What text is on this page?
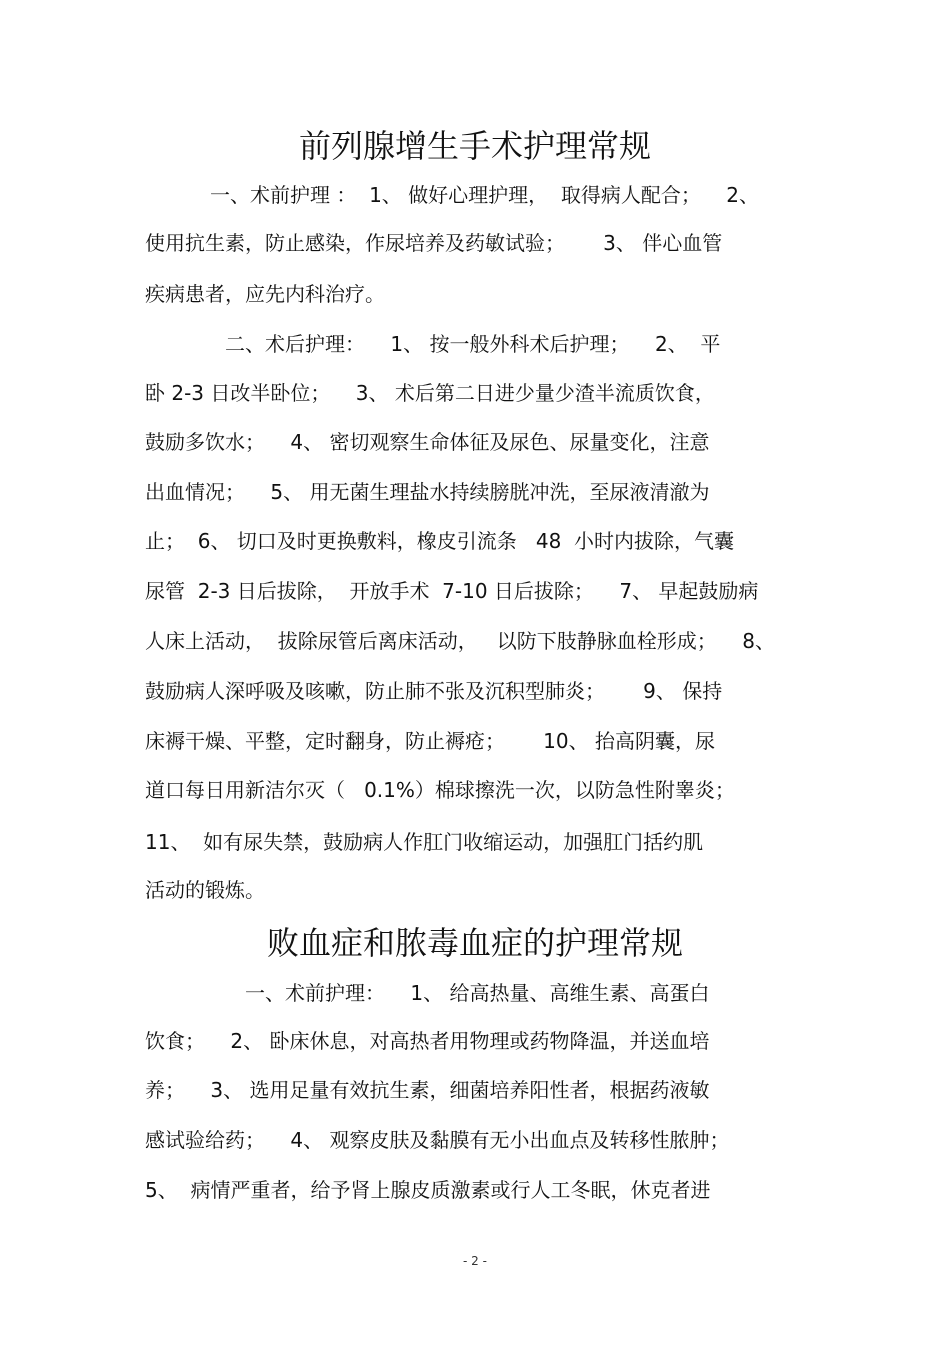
前列腺增生手术护理常规
一、术前护理 ：  1、 做好心理护理，  取得病人配合；    2、
使用抗生素，防止感染，作尿培养及药敏试验；      3、 伴心血管
疾病患者，应先内科治疗。
二、术后护理：    1、 按一般外科术后护理；    2、  平
卧 2-3 日改半卧位；    3、 术后第二日进少量少渣半流质饮食，
鼓励多饮水；    4、 密切观察生命体征及尿色、尿量变化，注意
出血情况；    5、 用无菌生理盐水持续膀胱冲洗，至尿液清澈为
止；  6、 切口及时更换敷料，橡皮引流条   48  小时内拔除，气囊
尿管  2-3 日后拔除，  开放手术  7-10 日后拔除；    7、 早起鼓励病
人床上活动，  拔除尿管后离床活动，   以防下肢静脉血栓形成；    8、
鼓励病人深呼吸及咳嗽，防止肺不张及沉积型肺炎；      9、 保持
床褥干燥、平整，定时翻身，防止褥疮；      10、 抬高阴囊，尿
道口每日用新洁尔灭（   0.1%）棉球擦洗一次，以防急性附睾炎；
11、  如有尿失禁，鼓励病人作肛门收缩运动，加强肛门括约肌
活动的锻炼。
败血症和脓毒血症的护理常规
一、术前护理：    1、 给高热量、高维生素、高蛋白
饮食；    2、 卧床休息，对高热者用物理或药物降温，并送血培
养；    3、 选用足量有效抗生素，细菌培养阳性者，根据药液敏
感试验给药；    4、 观察皮肤及黏膜有无小出血点及转移性脓肿；
5、  病情严重者，给予肾上腺皮质激素或行人工冬眠，休克者进
- 2 -
